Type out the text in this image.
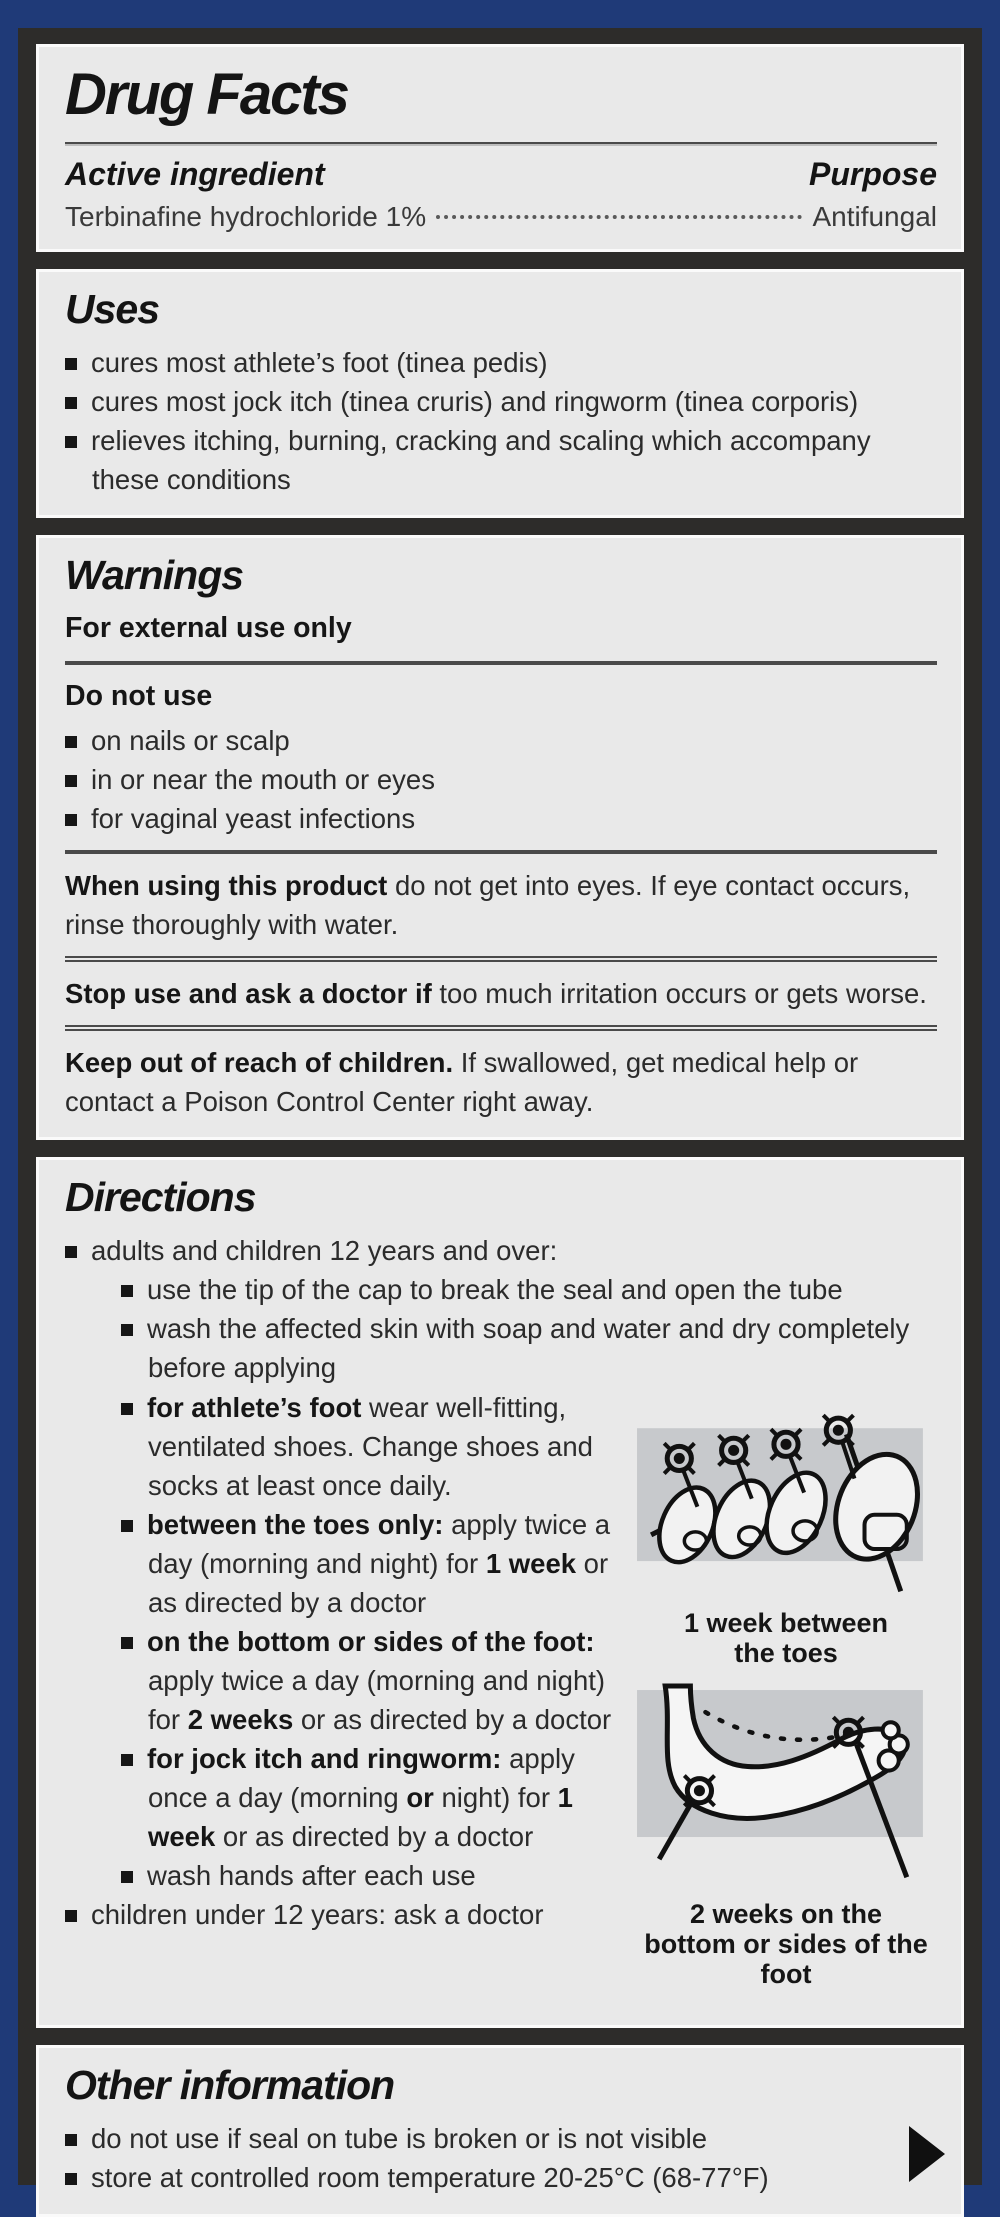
Drug Facts
Active ingredient	Purpose
Terbinafine hydrochloride 1%	Antifungal
Uses
cures most athlete’s foot (tinea pedis)
cures most jock itch (tinea cruris) and ringworm (tinea corporis)
relieves itching, burning, cracking and scaling which accompany these conditions
Warnings

For external use only

Do not use

on nails or scalp
in or near the mouth or eyes
for vaginal yeast infections

When using this product do not get into eyes. If eye contact occurs, rinse thoroughly with water.

Stop use and ask a doctor if too much irritation occurs or gets worse.

Keep out of reach of children. If swallowed, get medical help or contact a Poison Control Center right away.

Directions
adults and children 12 years and over:
use the tip of the cap to break the seal and open the tube
wash the affected skin with soap and water and dry completely before applying
1 week between the toes
2 weeks on the bottom or sides of the foot
for athlete’s foot wear well-fitting, ventilated shoes. Change shoes and socks at least once daily.
between the toes only: apply twice a day (morning and night) for 1 week or as directed by a doctor
on the bottom or sides of the foot: apply twice a day (morning and night) for 2 weeks or as directed by a doctor
for jock itch and ringworm: apply once a day (morning or night) for 1 week or as directed by a doctor
wash hands after each use
children under 12 years: ask a doctor
Other information
do not use if seal on tube is broken or is not visible
store at controlled room temperature 20-25°C (68-77°F)
